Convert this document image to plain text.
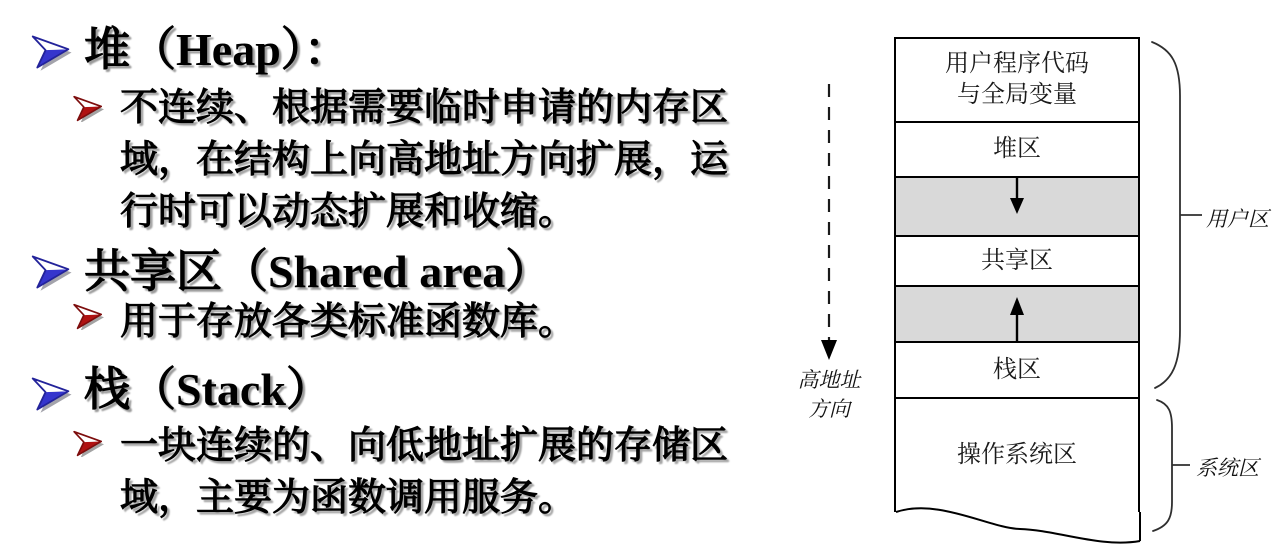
堆（Heap）：
不连续、根据需要临时申请的内存区
域，在结构上向高地址方向扩展，运
行时可以动态扩展和收缩。
共享区（Shared area）
用于存放各类标准函数库。
栈（Stack）
一块连续的、向低地址扩展的存储区
域，主要为函数调用服务。
高地址
方向
用户程序代码
与全局变量
堆区
共享区
栈区
操作系统区
用户区
系统区
